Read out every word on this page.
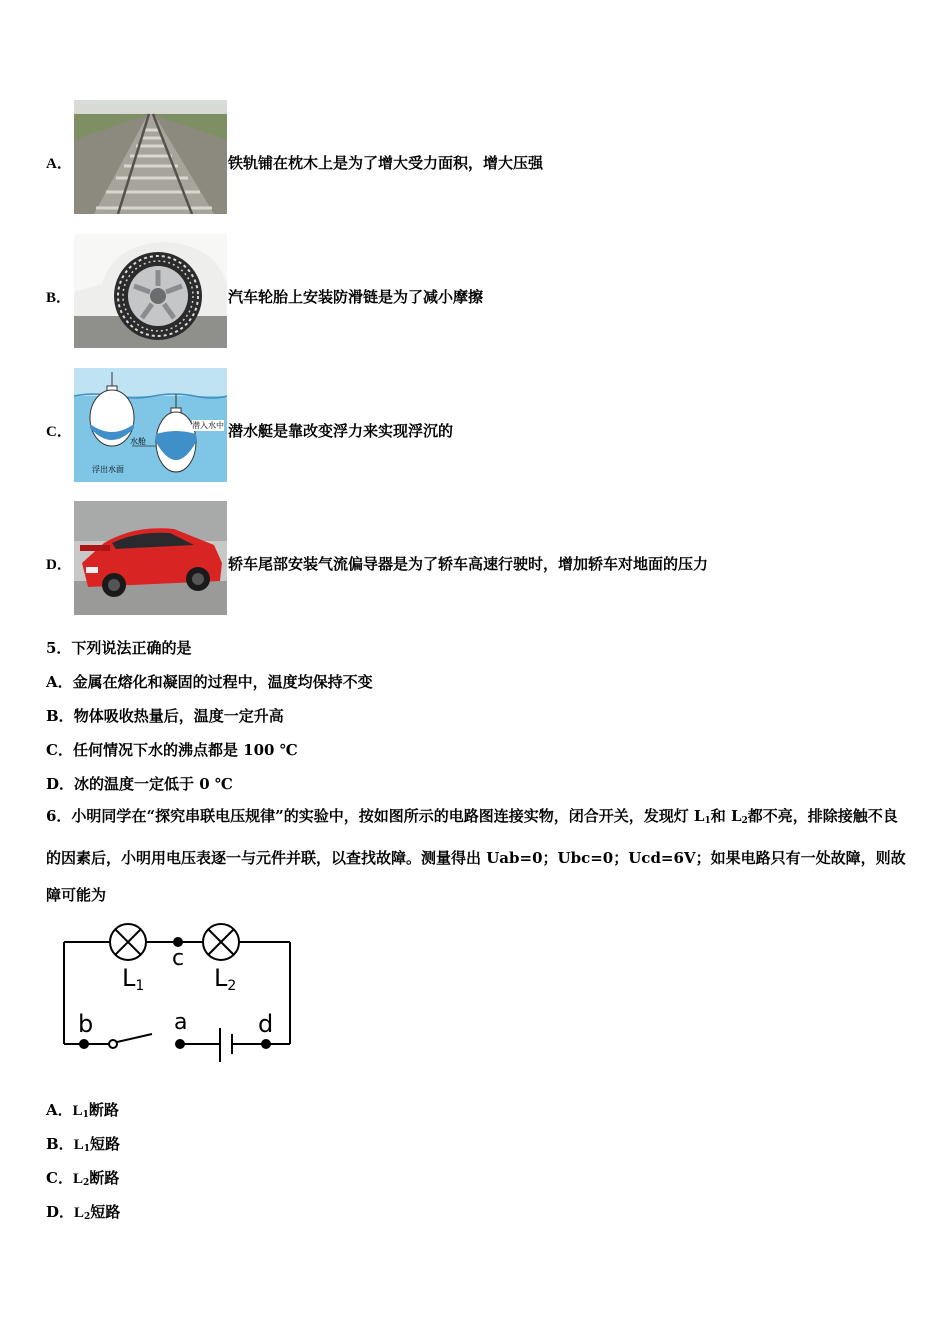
A．	铁轨铺在枕木上是为了增大受力面积，增大压强
B．	汽车轮胎上安装防滑链是为了减小摩擦
C．	潜入水中
水舱
浮出水面
潜水艇是靠改变浮力来实现浮沉的
D．	轿车尾部安装气流偏导器是为了轿车高速行驶时，增加轿车对地面的压力
5．下列说法正确的是
A．金属在熔化和凝固的过程中，温度均保持不变
B．物体吸收热量后，温度一定升高
C．任何情况下水的沸点都是 100 ℃
D．冰的温度一定低于 0 ℃
6．小明同学在“探究串联电压规律”的实验中，按如图所示的电路图连接实物，闭合开关，发现灯 $L_1$和 $L_2$都不亮，排除接触不良的因素后，小明用电压表逐一与元件并联，以查找故障。测量得出 Uab=0；Ubc=0；Ucd=6V；如果电路只有一处故障，则故障可能为
c
$L_1$	$L_2$
b	a	d
A．$L_1$断路
B．$L_1$短路
C．$L_2$断路
D．$L_2$短路
